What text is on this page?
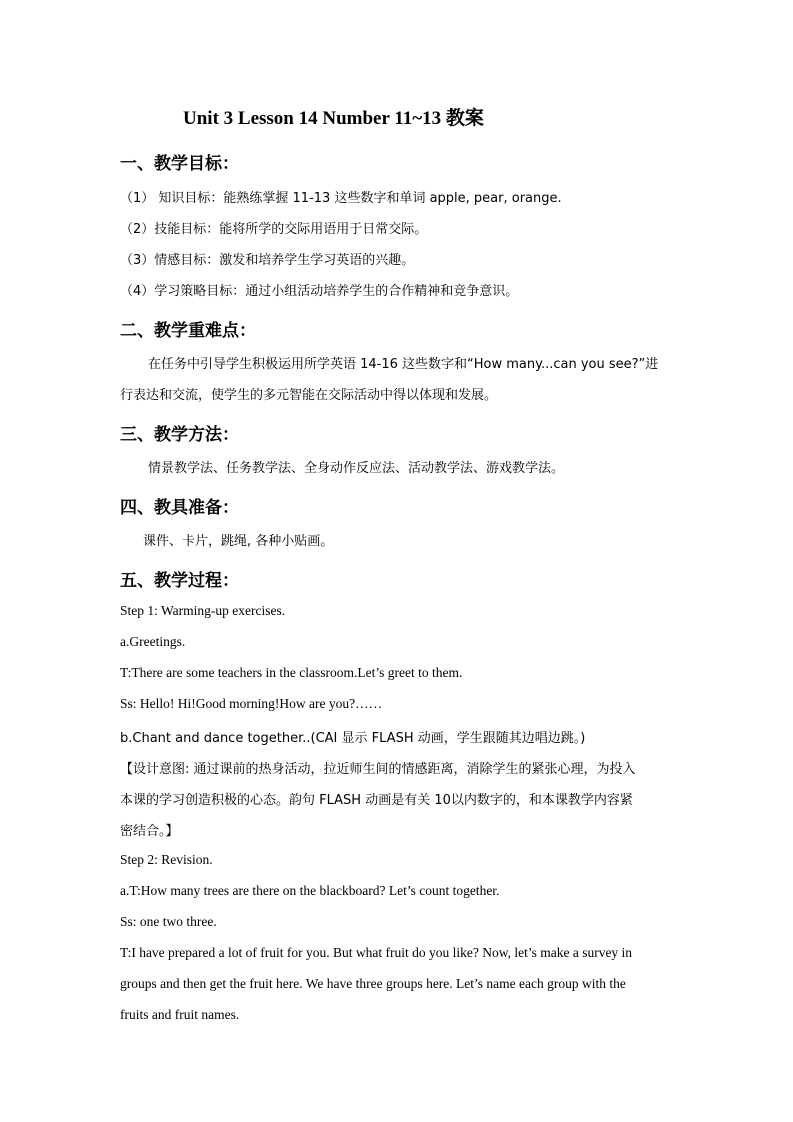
Unit 3 Lesson 14 Number 11~13 教案
一、教学目标：
（1） 知识目标：能熟练掌握 11-13 这些数字和单词 apple, pear, orange.
（2）技能目标：能将所学的交际用语用于日常交际。
（3）情感目标：激发和培养学生学习英语的兴趣。
（4）学习策略目标：通过小组活动培养学生的合作精神和竞争意识。
二、教学重难点：
在任务中引导学生积极运用所学英语 14-16 这些数字和“How many...can you see?”进
行表达和交流，使学生的多元智能在交际活动中得以体现和发展。
三、教学方法：
情景教学法、任务教学法、全身动作反应法、活动教学法、游戏教学法。
四、教具准备：
课件、卡片，跳绳, 各种小贴画。
五、教学过程：
Step 1: Warming-up exercises.
a.Greetings.
T:There are some teachers in the classroom.Let’s greet to them.
Ss: Hello! Hi!Good morning!How are you?……
b.Chant and dance together..(CAI 显示 FLASH 动画，学生跟随其边唱边跳。)
【设计意图: 通过课前的热身活动，拉近师生间的情感距离，消除学生的紧张心理，为投入
本课的学习创造积极的心态。韵句 FLASH 动画是有关 10以内数字的，和本课教学内容紧
密结合。】
Step 2: Revision.
a.T:How many trees are there on the blackboard? Let’s count together.
Ss: one two three.
T:I have prepared a lot of fruit for you. But what fruit do you like? Now, let’s make a survey in
groups and then get the fruit here. We have three groups here. Let’s name each group with the
fruits and fruit names.
